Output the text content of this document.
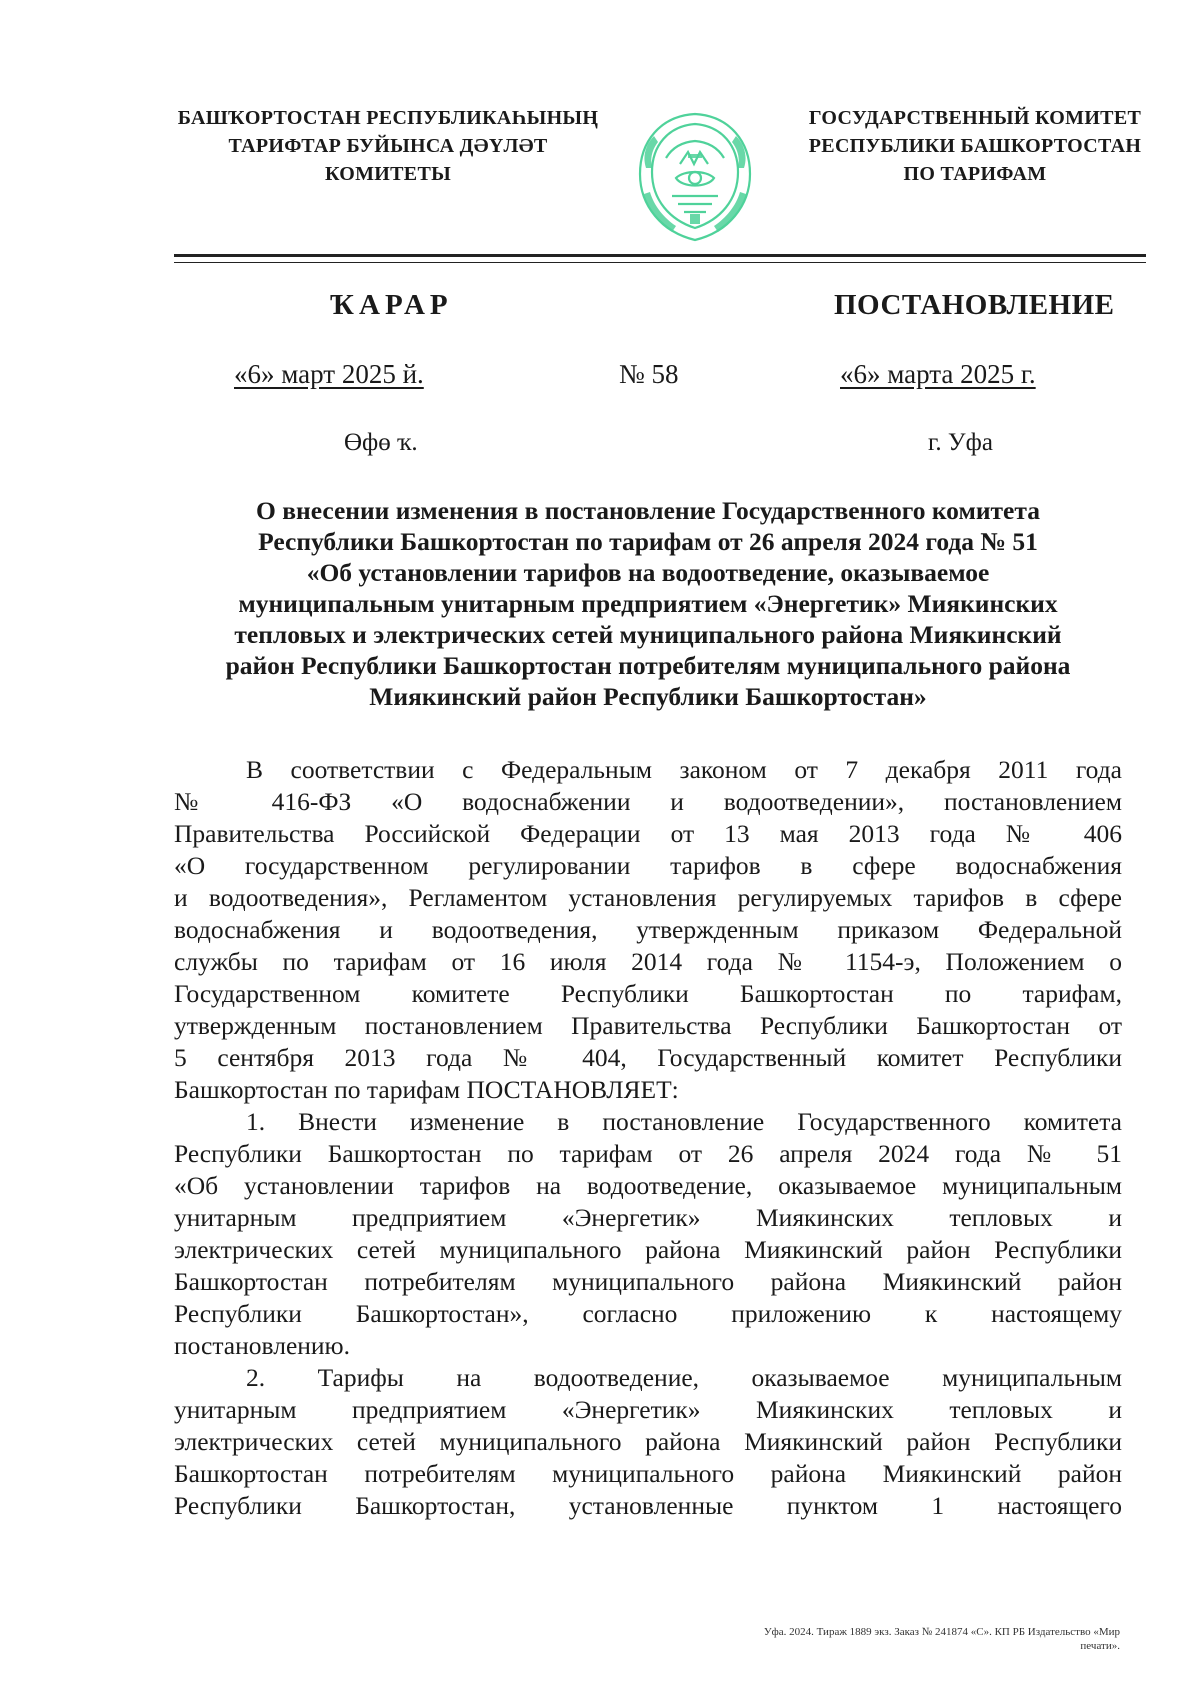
БАШҠОРТОСТАН РЕСПУБЛИКАҺЫНЫҢ
ТАРИФТАР БУЙЫНСА ДӘҮЛӘТ
КОМИТЕТЫ
ГОСУДАРСТВЕННЫЙ КОМИТЕТ
РЕСПУБЛИКИ БАШКОРТОСТАН
ПО ТАРИФАМ
ҠАРАР	ПОСТАНОВЛЕНИЕ
«6» март 2025 й.	№ 58	«6» марта 2025 г.
Өфө ҡ.	г. Уфа
О внесении изменения в постановление Государственного комитета
Республики Башкортостан по тарифам от 26 апреля 2024 года № 51
«Об установлении тарифов на водоотведение, оказываемое
муниципальным унитарным предприятием «Энергетик» Миякинских
тепловых и электрических сетей муниципального района Миякинский
район Республики Башкортостан потребителям муниципального района
Миякинский район Республики Башкортостан»
В соответствии с Федеральным законом от 7 декабря 2011 года
№ 416-ФЗ «О водоснабжении и водоотведении», постановлением
Правительства Российской Федерации от 13 мая 2013 года № 406
«О государственном регулировании тарифов в сфере водоснабжения
и водоотведения», Регламентом установления регулируемых тарифов в сфере
водоснабжения и водоотведения, утвержденным приказом Федеральной
службы по тарифам от 16 июля 2014 года № 1154-э, Положением о
Государственном комитете Республики Башкортостан по тарифам,
утвержденным постановлением Правительства Республики Башкортостан от
5 сентября 2013 года № 404, Государственный комитет Республики
Башкортостан по тарифам ПОСТАНОВЛЯЕТ:
1. Внести изменение в постановление Государственного комитета
Республики Башкортостан по тарифам от 26 апреля 2024 года № 51
«Об установлении тарифов на водоотведение, оказываемое муниципальным
унитарным предприятием «Энергетик» Миякинских тепловых и
электрических сетей муниципального района Миякинский район Республики
Башкортостан потребителям муниципального района Миякинский район
Республики Башкортостан», согласно приложению к настоящему
постановлению.
2. Тарифы на водоотведение, оказываемое муниципальным
унитарным предприятием «Энергетик» Миякинских тепловых и
электрических сетей муниципального района Миякинский район Республики
Башкортостан потребителям муниципального района Миякинский район
Республики Башкортостан, установленные пунктом 1 настоящего
Уфа. 2024. Тираж 1889 экз. Заказ № 241874 «С». КП РБ Издательство «Мир печати».
